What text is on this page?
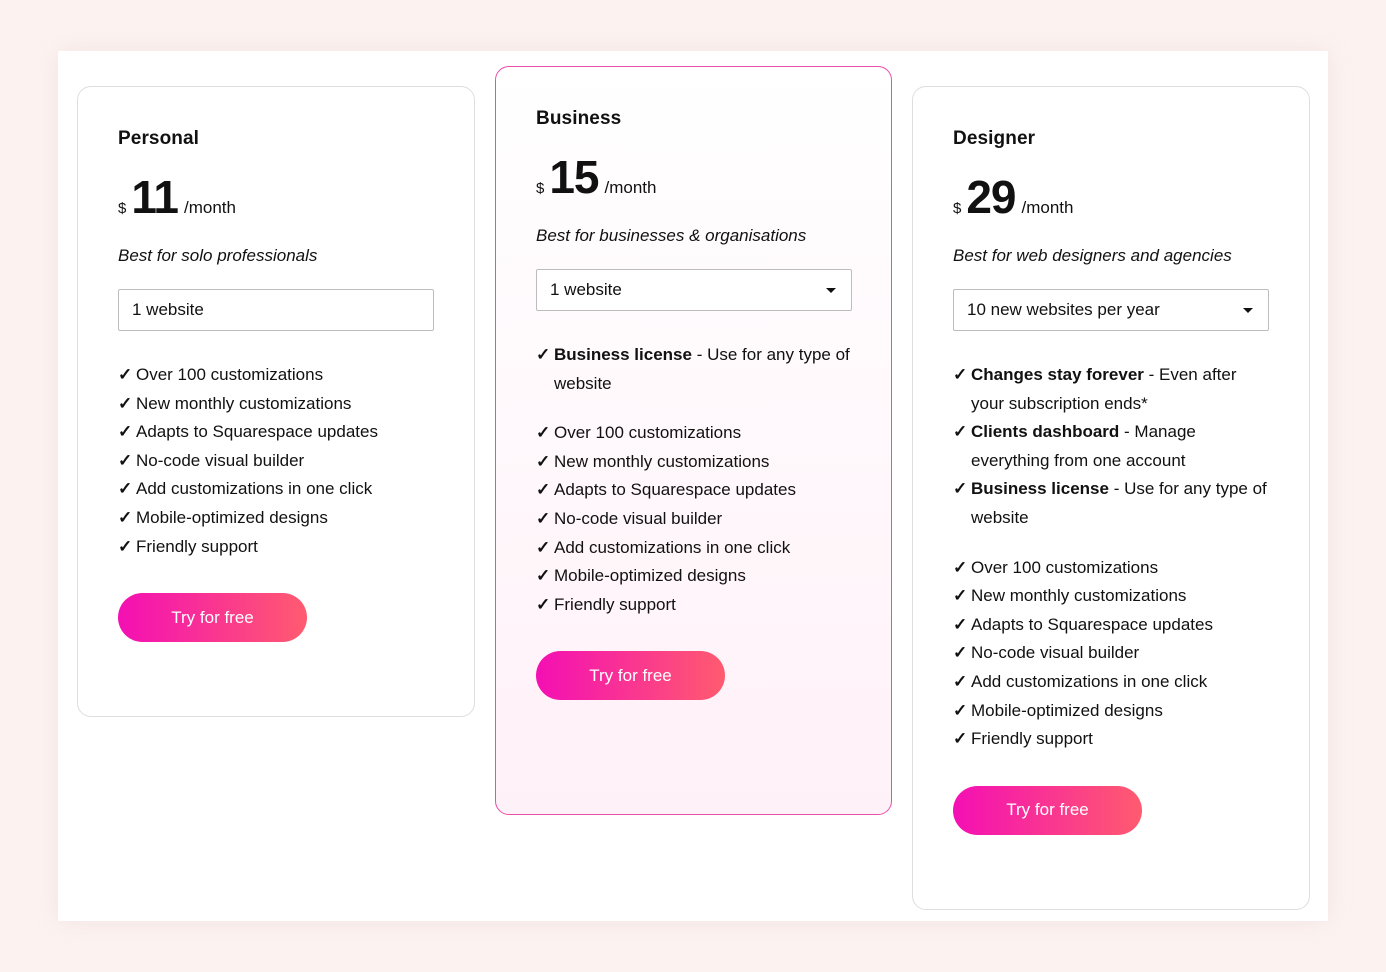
Personal
$ 11 /month
Best for solo professionals
1 website
✓ Over 100 customizations
✓ New monthly customizations
✓ Adapts to Squarespace updates
✓ No-code visual builder
✓ Add customizations in one click
✓ Mobile-optimized designs
✓ Friendly support
Try for free
Business
$ 15 /month
Best for businesses & organisations
1 website
✓ Business license - Use for any type of website
✓ Over 100 customizations
✓ New monthly customizations
✓ Adapts to Squarespace updates
✓ No-code visual builder
✓ Add customizations in one click
✓ Mobile-optimized designs
✓ Friendly support
Try for free
Designer
$ 29 /month
Best for web designers and agencies
10 new websites per year
✓ Changes stay forever - Even after your subscription ends*
✓ Clients dashboard - Manage everything from one account
✓ Business license - Use for any type of website
✓ Over 100 customizations
✓ New monthly customizations
✓ Adapts to Squarespace updates
✓ No-code visual builder
✓ Add customizations in one click
✓ Mobile-optimized designs
✓ Friendly support
Try for free
